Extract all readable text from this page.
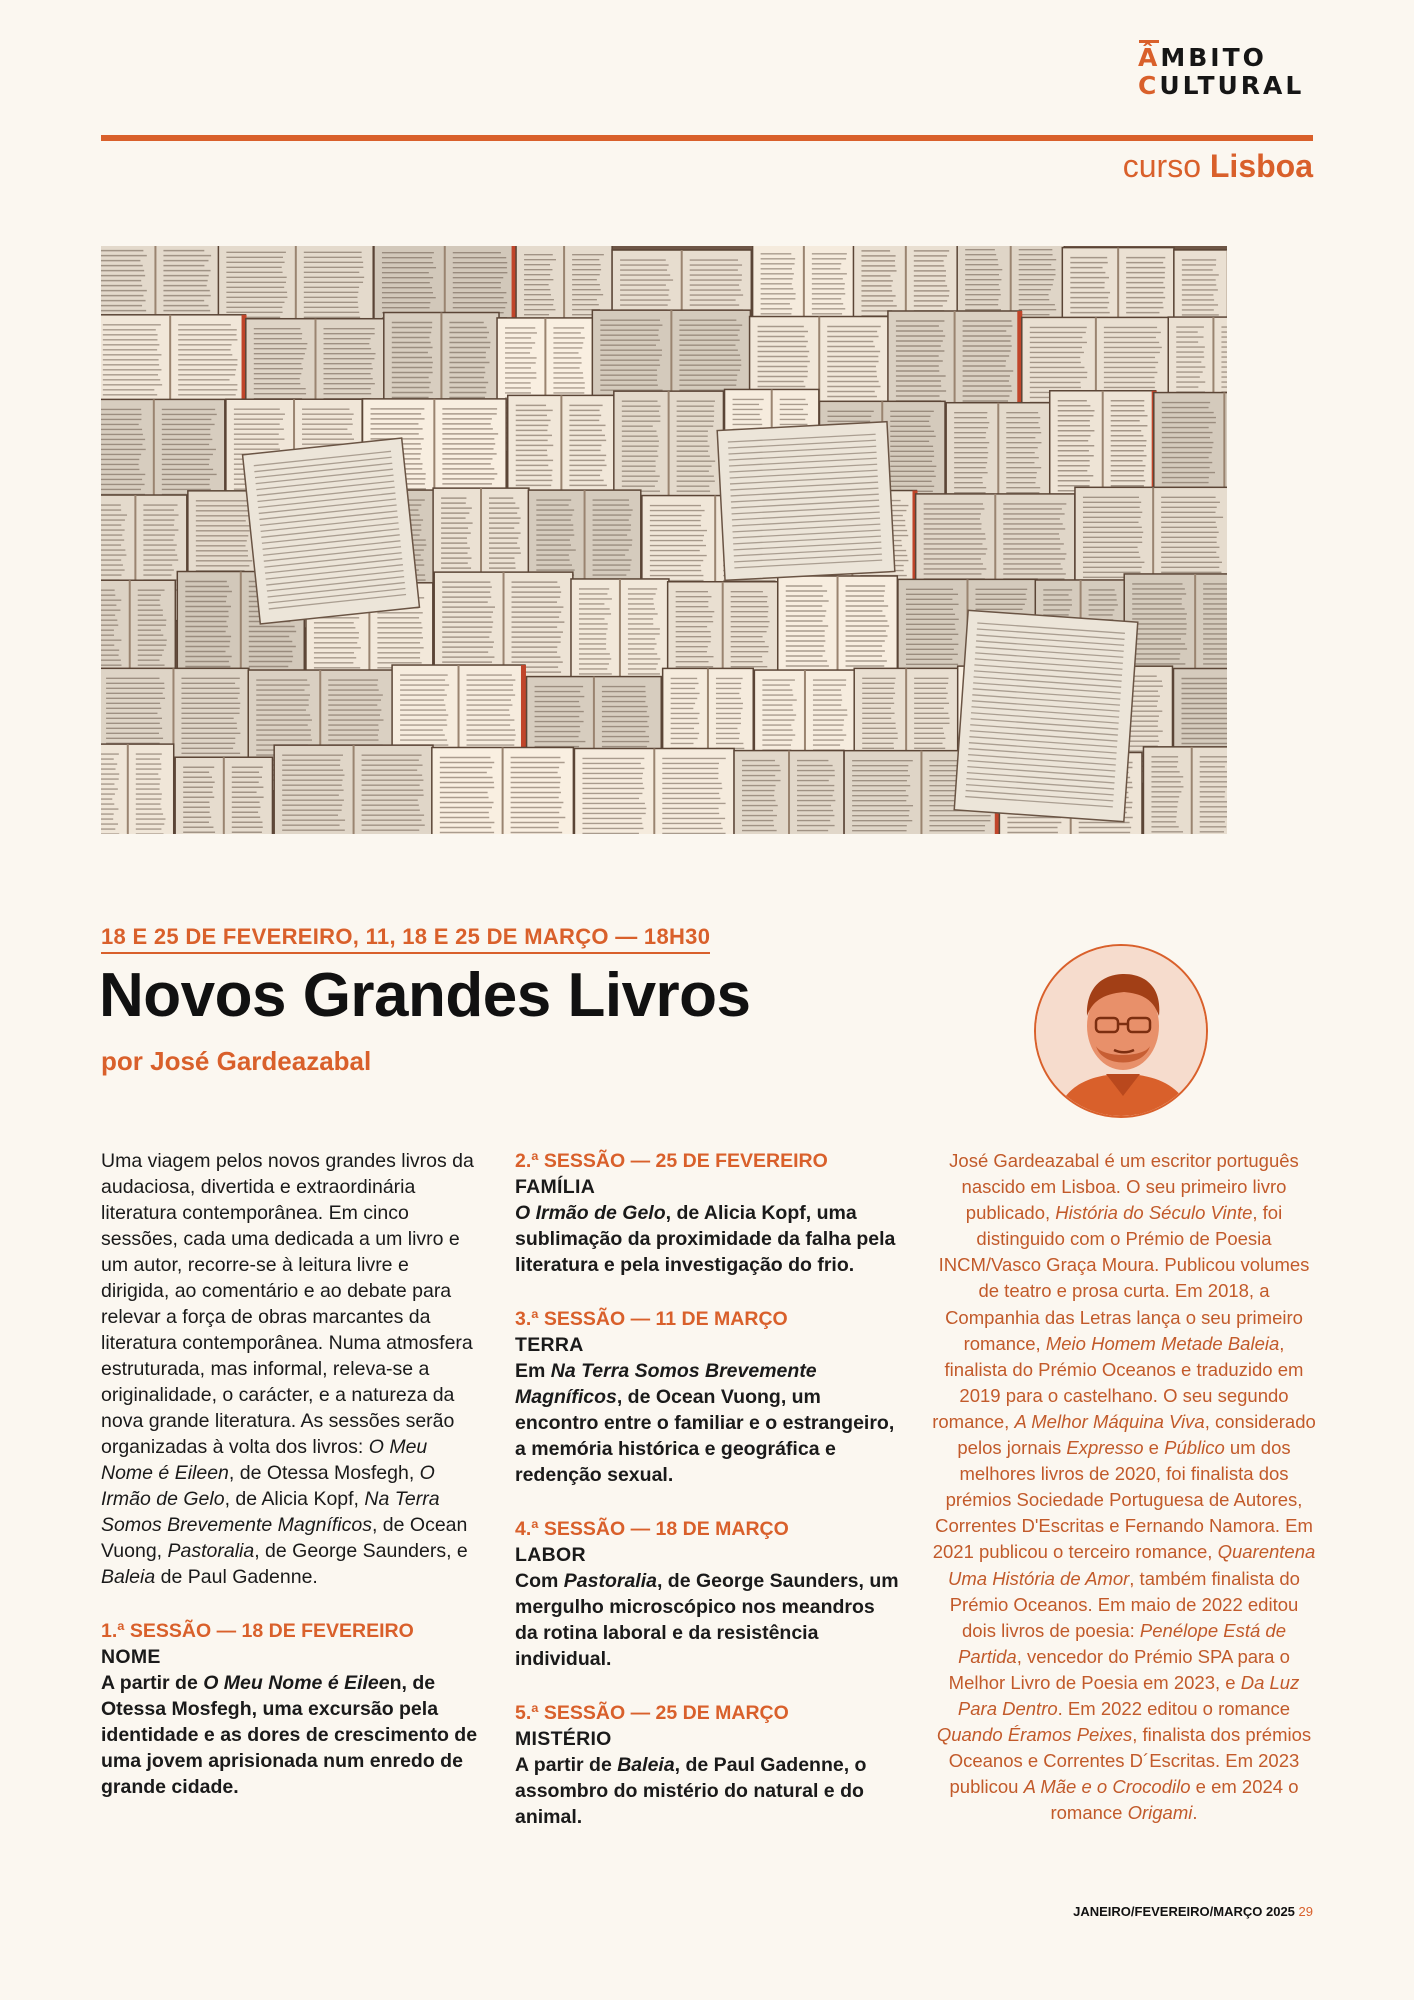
Â MBITO
C ULTURAL
curso Lisboa
18 E 25 DE FEVEREIRO, 11, 18 E 25 DE MARÇO — 18H30
Novos Grandes Livros
por José Gardeazabal

Uma viagem pelos novos grandes livros da audaciosa, divertida e extraordinária literatura contemporânea. Em cinco sessões, cada uma dedicada a um livro e um autor, recorre-se à leitura livre e dirigida, ao comentário e ao debate para relevar a força de obras marcantes da literatura contemporânea. Numa atmosfera estruturada, mas informal, releva-se a originalidade, o carácter, e a natureza da nova grande literatura. As sessões serão organizadas à volta dos livros: O Meu Nome é Eileen, de Otessa Mosfegh, O Irmão de Gelo, de Alicia Kopf, Na Terra Somos Brevemente Magníficos, de Ocean Vuong, Pastoralia, de George Saunders, e Baleia de Paul Gadenne.

1.ª SESSÃO — 18 DE FEVEREIRO
NOME

A partir de O Meu Nome é Eileen, de Otessa Mosfegh, uma excursão pela identidade e as dores de crescimento de uma jovem aprisionada num enredo de grande cidade.

2.ª SESSÃO — 25 DE FEVEREIRO
FAMÍLIA

O Irmão de Gelo, de Alicia Kopf, uma sublimação da proximidade da falha pela literatura e pela investigação do frio.

3.ª SESSÃO — 11 DE MARÇO
TERRA

Em Na Terra Somos Brevemente Magníficos, de Ocean Vuong, um encontro entre o familiar e o estrangeiro, a memória histórica e geográfica e redenção sexual.

4.ª SESSÃO — 18 DE MARÇO
LABOR

Com Pastoralia, de George Saunders, um mergulho microscópico nos meandros da rotina laboral e da resistência individual.

5.ª SESSÃO — 25 DE MARÇO
MISTÉRIO

A partir de Baleia, de Paul Gadenne, o assombro do mistério do natural e do animal.

José Gardeazabal é um escritor português nascido em Lisboa. O seu primeiro livro publicado, História do Século Vinte, foi distinguido com o Prémio de Poesia INCM/Vasco Graça Moura. Publicou volumes de teatro e prosa curta. Em 2018, a Companhia das Letras lança o seu primeiro romance, Meio Homem Metade Baleia, finalista do Prémio Oceanos e traduzido em 2019 para o castelhano. O seu segundo romance, A Melhor Máquina Viva, considerado pelos jornais Expresso e Público um dos melhores livros de 2020, foi finalista dos prémios Sociedade Portuguesa de Autores, Correntes D'Escritas e Fernando Namora. Em 2021 publicou o terceiro romance, Quarentena Uma História de Amor, também finalista do Prémio Oceanos. Em maio de 2022 editou dois livros de poesia: Penélope Está de Partida, vencedor do Prémio SPA para o Melhor Livro de Poesia em 2023, e Da Luz Para Dentro. Em 2022 editou o romance Quando Éramos Peixes, finalista dos prémios Oceanos e Correntes D´Escritas. Em 2023 publicou A Mãe e o Crocodilo e em 2024 o romance Origami.

JANEIRO/FEVEREIRO/MARÇO 2025 29
